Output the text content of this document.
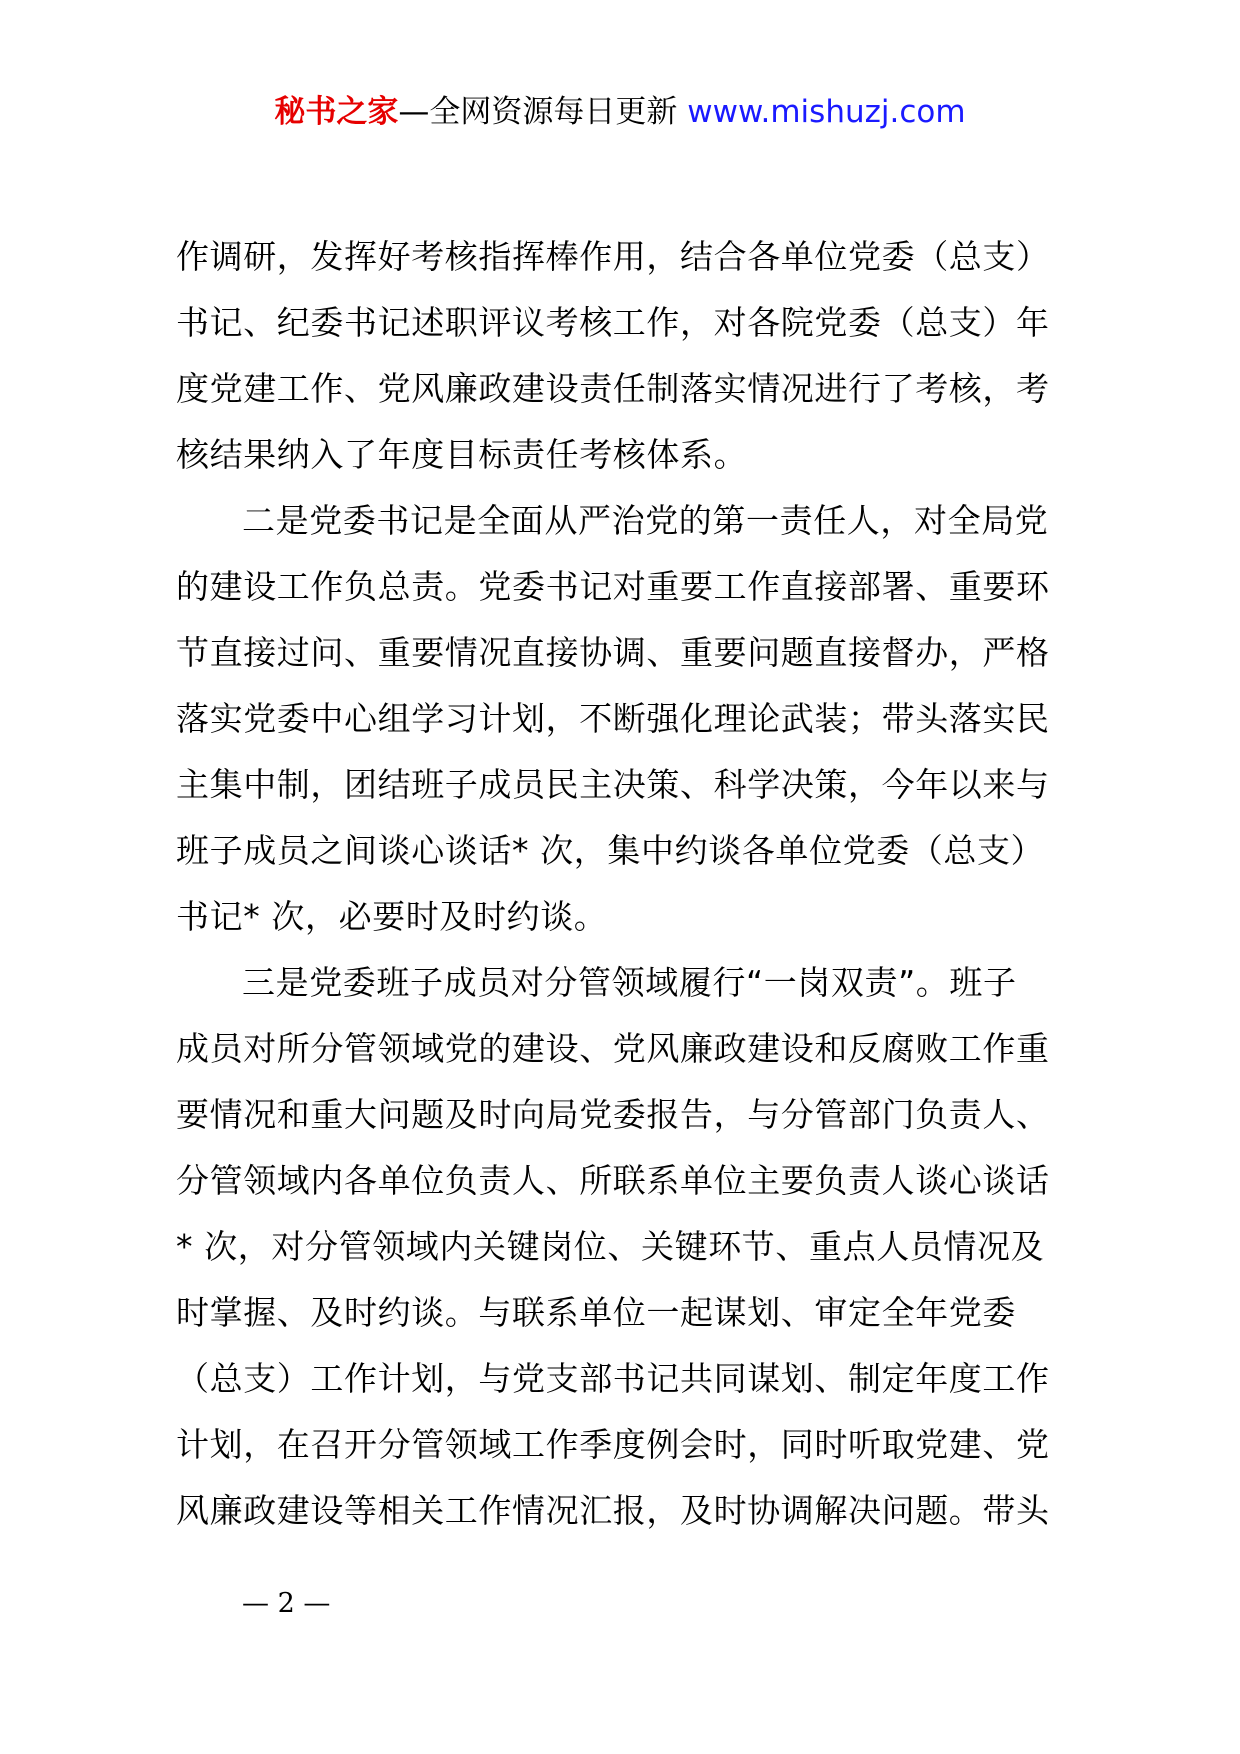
秘书之家—全网资源每日更新 www.mishuzj.com
作调研，发挥好考核指挥棒作用，结合各单位党委（总支）
书记、纪委书记述职评议考核工作，对各院党委（总支）年
度党建工作、党风廉政建设责任制落实情况进行了考核，考
核结果纳入了年度目标责任考核体系。
二是党委书记是全面从严治党的第一责任人，对全局党
的建设工作负总责。党委书记对重要工作直接部署、重要环
节直接过问、重要情况直接协调、重要问题直接督办，严格
落实党委中心组学习计划，不断强化理论武装；带头落实民
主集中制，团结班子成员民主决策、科学决策，今年以来与
班子成员之间谈心谈话* 次，集中约谈各单位党委（总支）
书记* 次，必要时及时约谈。
三是党委班子成员对分管领域履行“一岗双责”。班子
成员对所分管领域党的建设、党风廉政建设和反腐败工作重
要情况和重大问题及时向局党委报告，与分管部门负责人、
分管领域内各单位负责人、所联系单位主要负责人谈心谈话
* 次，对分管领域内关键岗位、关键环节、重点人员情况及
时掌握、及时约谈。与联系单位一起谋划、审定全年党委
（总支）工作计划，与党支部书记共同谋划、制定年度工作
计划，在召开分管领域工作季度例会时，同时听取党建、党
风廉政建设等相关工作情况汇报，及时协调解决问题。带头
— 2 —
